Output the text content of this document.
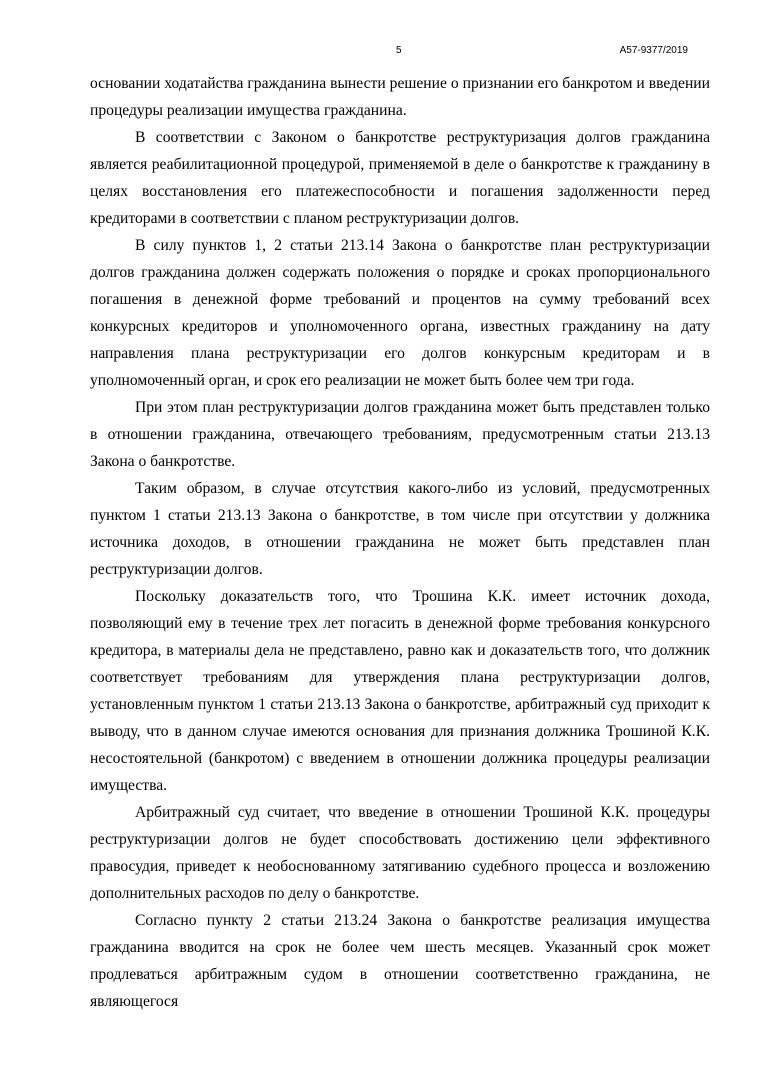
5	А57-9377/2019

основании ходатайства гражданина вынести решение о признании его банкротом и введении процедуры реализации имущества гражданина.

В соответствии с Законом о банкротстве реструктуризация долгов гражданина является реабилитационной процедурой, применяемой в деле о банкротстве к гражданину в целях восстановления его платежеспособности и погашения задолженности перед кредиторами в соответствии с планом реструктуризации долгов.

В силу пунктов 1, 2 статьи 213.14 Закона о банкротстве план реструктуризации долгов гражданина должен содержать положения о порядке и сроках пропорционального погашения в денежной форме требований и процентов на сумму требований всех конкурсных кредиторов и уполномоченного органа, известных гражданину на дату направления плана реструктуризации его долгов конкурсным кредиторам и в уполномоченный орган, и срок его реализации не может быть более чем три года.

При этом план реструктуризации долгов гражданина может быть представлен только в отношении гражданина, отвечающего требованиям, предусмотренным статьи 213.13 Закона о банкротстве.

Таким образом, в случае отсутствия какого-либо из условий, предусмотренных пунктом 1 статьи 213.13 Закона о банкротстве, в том числе при отсутствии у должника источника доходов, в отношении гражданина не может быть представлен план реструктуризации долгов.

Поскольку доказательств того, что Трошина К.К. имеет источник дохода, позволяющий ему в течение трех лет погасить в денежной форме требования конкурсного кредитора, в материалы дела не представлено, равно как и доказательств того, что должник соответствует требованиям для утверждения плана реструктуризации долгов, установленным пунктом 1 статьи 213.13 Закона о банкротстве, арбитражный суд приходит к выводу, что в данном случае имеются основания для признания должника Трошиной К.К. несостоятельной (банкротом) с введением в отношении должника процедуры реализации имущества.

Арбитражный суд считает, что введение в отношении Трошиной К.К. процедуры реструктуризации долгов не будет способствовать достижению цели эффективного правосудия, приведет к необоснованному затягиванию судебного процесса и возложению дополнительных расходов по делу о банкротстве.

Согласно пункту 2 статьи 213.24 Закона о банкротстве реализация имущества гражданина вводится на срок не более чем шесть месяцев. Указанный срок может продлеваться арбитражным судом в отношении соответственно гражданина, не являющегося
